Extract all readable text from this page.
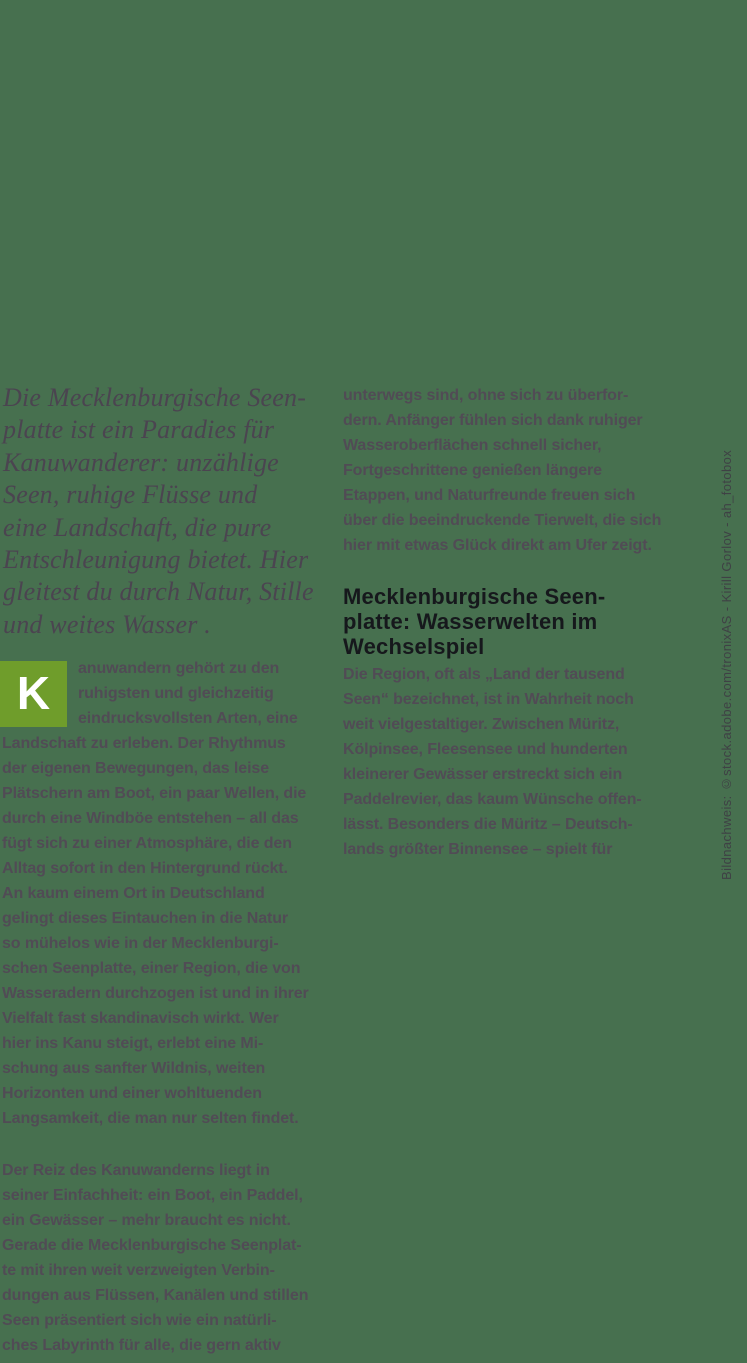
Die Mecklenburgische Seen-
platte ist ein Paradies für
Kanuwanderer: unzählige
Seen, ruhige Flüsse und
eine Landschaft, die pure
Entschleunigung bietet. Hier
gleitest du durch Natur, Stille
und weites Wasser .
K	anuwandern gehört zu den
ruhigsten und gleichzeitig
eindrucksvollsten Arten, eine
Landschaft zu erleben. Der Rhythmus
der eigenen Bewegungen, das leise
Plätschern am Boot, ein paar Wellen, die
durch eine Windböe entstehen – all das
fügt sich zu einer Atmosphäre, die den
Alltag sofort in den Hintergrund rückt.
An kaum einem Ort in Deutschland
gelingt dieses Eintauchen in die Natur
so mühelos wie in der Mecklenburgi-
schen Seenplatte, einer Region, die von
Wasseradern durchzogen ist und in ihrer
Vielfalt fast skandinavisch wirkt. Wer
hier ins Kanu steigt, erlebt eine Mi-
schung aus sanfter Wildnis, weiten
Horizonten und einer wohltuenden
Langsamkeit, die man nur selten findet.
Der Reiz des Kanuwanderns liegt in
seiner Einfachheit: ein Boot, ein Paddel,
ein Gewässer – mehr braucht es nicht.
Gerade die Mecklenburgische Seenplat-
te mit ihren weit verzweigten Verbin-
dungen aus Flüssen, Kanälen und stillen
Seen präsentiert sich wie ein natürli-
ches Labyrinth für alle, die gern aktiv
unterwegs sind, ohne sich zu überfor-
dern. Anfänger fühlen sich dank ruhiger
Wasseroberflächen schnell sicher,
Fortgeschrittene genießen längere
Etappen, und Naturfreunde freuen sich
über die beeindruckende Tierwelt, die sich
hier mit etwas Glück direkt am Ufer zeigt.
Mecklenburgische Seen-
platte: Wasserwelten im
Wechselspiel
Die Region, oft als „Land der tausend
Seen“ bezeichnet, ist in Wahrheit noch
weit vielgestaltiger. Zwischen Müritz,
Kölpinsee, Fleesensee und hunderten
kleinerer Gewässer erstreckt sich ein
Paddelrevier, das kaum Wünsche offen-
lässt. Besonders die Müritz – Deutsch-
lands größter Binnensee – spielt für	Bildnachweis: ©stock.adobe.com/tronixAS - Kirill Gorlov - ah_fotobox
